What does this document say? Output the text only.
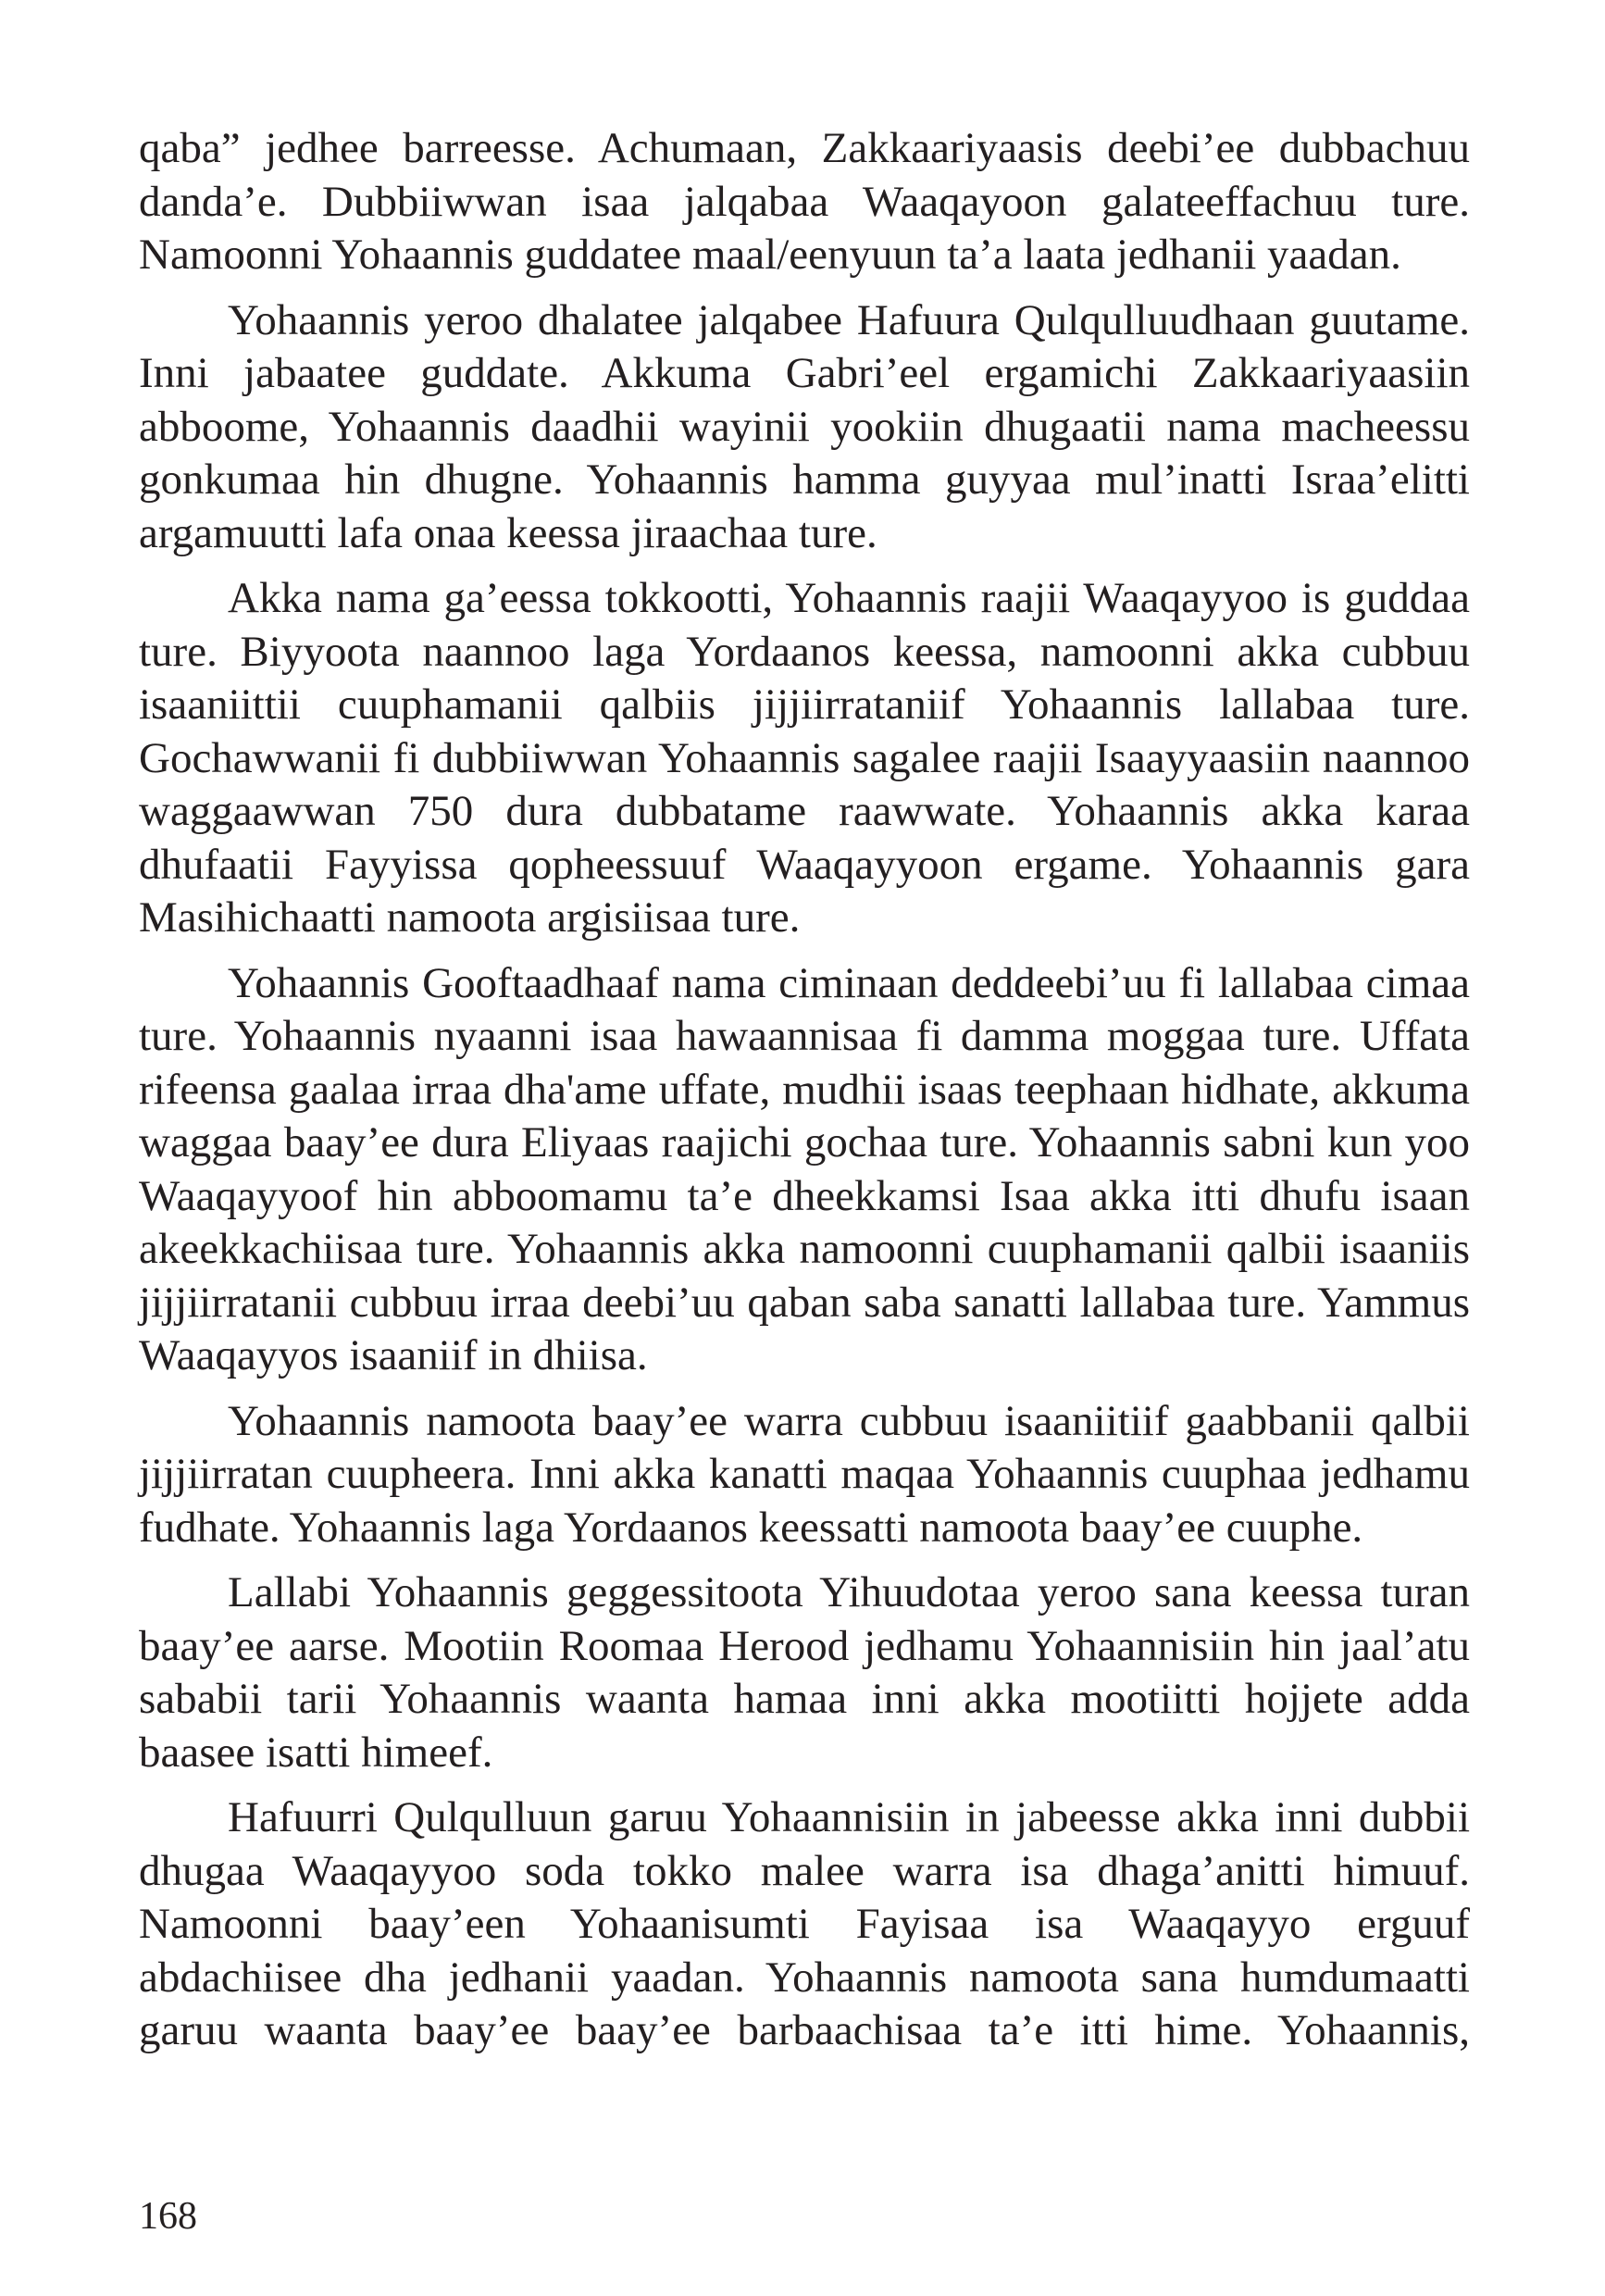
qaba” jedhee barreesse. Achumaan, Zakkaariyaasis deebi’ee dubbachuu danda’e. Dubbiiwwan isaa jalqabaa Waaqayoon galateeffachuu ture. Namoonni Yohaannis guddatee maal/eenyuun ta’a laata jedhanii yaadan.

Yohaannis yeroo dhalatee jalqabee Hafuura Qulqulluudhaan guutame. Inni jabaatee guddate. Akkuma Gabri’eel ergamichi Zakkaariyaasiin abboome, Yohaannis daadhii wayinii yookiin dhugaatii nama macheessu gonkumaa hin dhugne. Yohaannis hamma guyyaa mul’inatti Israa’elitti argamuutti lafa onaa keessa jiraachaa ture.

Akka nama ga’eessa tokkootti, Yohaannis raajii Waaqayyoo is guddaa ture. Biyyoota naannoo laga Yordaanos keessa, namoonni akka cubbuu isaaniittii cuuphamanii qalbiis jijjiirrataniif Yohaannis lallabaa ture. Gochawwanii fi dubbiiwwan Yohaannis sagalee raajii Isaayyaasiin naannoo waggaawwan 750 dura dubbatame raawwate. Yohaannis akka karaa dhufaatii Fayyissa qopheessuuf Waaqayyoon ergame. Yohaannis gara Masihichaatti namoota argisiisaa ture.

Yohaannis Gooftaadhaaf nama ciminaan deddeebi’uu fi lallabaa cimaa ture. Yohaannis nyaanni isaa hawaannisaa fi damma moggaa ture. Uffata rifeensa gaalaa irraa dha'ame uffate, mudhii isaas teephaan hidhate, akkuma waggaa baay’ee dura Eliyaas raajichi gochaa ture. Yohaannis sabni kun yoo Waaqayyoof hin abboomamu ta’e dheekkamsi Isaa akka itti dhufu isaan akeekkachiisaa ture. Yohaannis akka namoonni cuuphamanii qalbii isaaniis jijjiirratanii cubbuu irraa deebi’uu qaban saba sanatti lallabaa ture. Yammus Waaqayyos isaaniif in dhiisa.

Yohaannis namoota baay’ee warra cubbuu isaaniitiif gaabbanii qalbii jijjiirratan cuupheera. Inni akka kanatti maqaa Yohaannis cuuphaa jedhamu fudhate. Yohaannis laga Yordaanos keessatti namoota baay’ee cuuphe.

Lallabi Yohaannis geggessitoota Yihuudotaa yeroo sana keessa turan baay’ee aarse. Mootiin Roomaa Herood jedhamu Yohaannisiin hin jaal’atu sababii tarii Yohaannis waanta hamaa inni akka mootiitti hojjete adda baasee isatti himeef.

Hafuurri Qulqulluun garuu Yohaannisiin in jabeesse akka inni dubbii dhugaa Waaqayyoo soda tokko malee warra isa dhaga’anitti himuuf. Namoonni baay’een Yohaanisumti Fayisaa isa Waaqayyo erguuf abdachiisee dha jedhanii yaadan. Yohaannis namoota sana humdumaatti garuu waanta baay’ee baay’ee barbaachisaa ta’e itti hime. Yohaannis,

168
